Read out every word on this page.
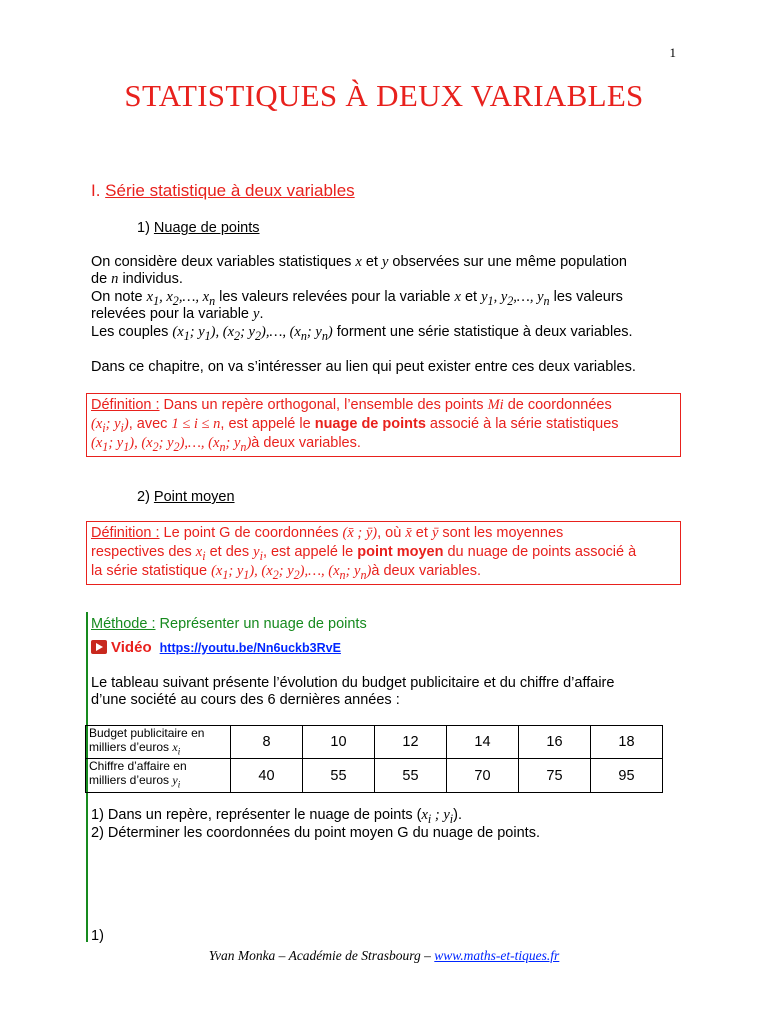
1
STATISTIQUES À DEUX VARIABLES
I. Série statistique à deux variables
1) Nuage de points
On considère deux variables statistiques x et y observées sur une même population
de n individus.
On note $x_1$, $x_2,\dots$, $x_n$ les valeurs relevées pour la variable x et $y_1$, $y_2,\dots$, $y_n$ les valeurs
relevées pour la variable y.
Les couples ($x_1$; $y_1$), ($x_2$; $y_2),\dots$, ($x_n$; $y_n$) forment une série statistique à deux variables.
Dans ce chapitre, on va s’intéresser au lien qui peut exister entre ces deux variables.
Définition : Dans un repère orthogonal, l’ensemble des points Mi de coordonnées
($x_i$; $y_i$), avec 1 ≤ i ≤ n, est appelé le nuage de points associé à la série statistiques
($x_1$; $y_1$), ($x_2$; $y_2),\dots$, ($x_n$; $y_n)à$ deux variables.
2) Point moyen
Définition : Le point G de coordonnées (x̄ ; ȳ), où x̄ et ȳ sont les moyennes
respectives des $x_i$ et des $y_i$, est appelé le point moyen du nuage de points associé à
la série statistique ($x_1$; $y_1$), ($x_2$; $y_2),\dots$, ($x_n$; $y_n)à$ deux variables.
Méthode : Représenter un nuage de points
Vidéo https://youtu.be/Nn6uckb3RvE
Le tableau suivant présente l’évolution du budget publicitaire et du chiffre d’affaire
d’une société au cours des 6 dernières années :
Budget publicitaire en
milliers d’euros $x_i$	8	10	12	14	16	18
Chiffre d’affaire en
milliers d’euros $y_i$	40	55	55	70	75	95
1) Dans un repère, représenter le nuage de points ($x_i$ ; $y_i$).
2) Déterminer les coordonnées du point moyen G du nuage de points.
1)
Yvan Monka – Académie de Strasbourg – www.maths-et-tiques.fr
